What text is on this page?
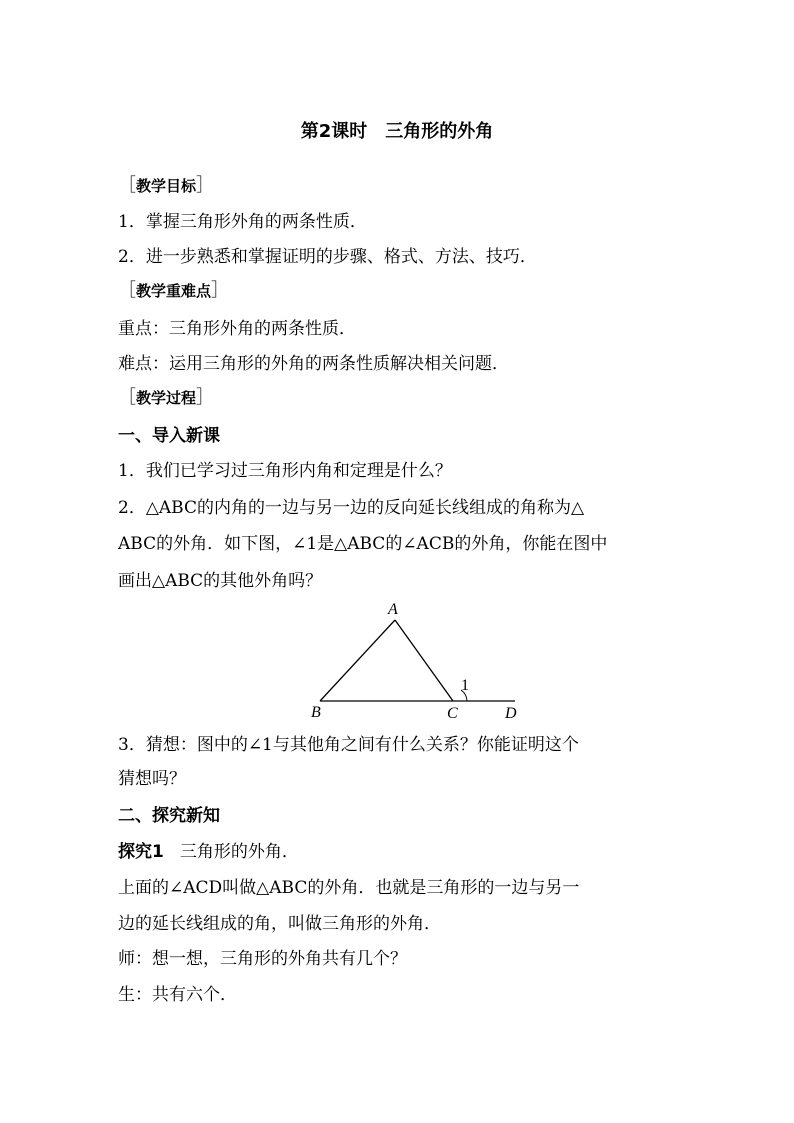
第2课时　三角形的外角
［教学目标］
1．掌握三角形外角的两条性质．
2．进一步熟悉和掌握证明的步骤、格式、方法、技巧．
［教学重难点］
重点：三角形外角的两条性质．
难点：运用三角形的外角的两条性质解决相关问题．
［教学过程］
一、导入新课
1．我们已学习过三角形内角和定理是什么？
2．△ABC的内角的一边与另一边的反向延长线组成的角称为△
ABC的外角．如下图，∠1是△ABC的∠ACB的外角，你能在图中
画出△ABC的其他外角吗？
A
B	C	D
1
3．猜想：图中的∠1与其他角之间有什么关系？你能证明这个
猜想吗？
二、探究新知
探究1 三角形的外角．
上面的∠ACD叫做△ABC的外角．也就是三角形的一边与另一
边的延长线组成的角，叫做三角形的外角．
师：想一想，三角形的外角共有几个？
生：共有六个．
